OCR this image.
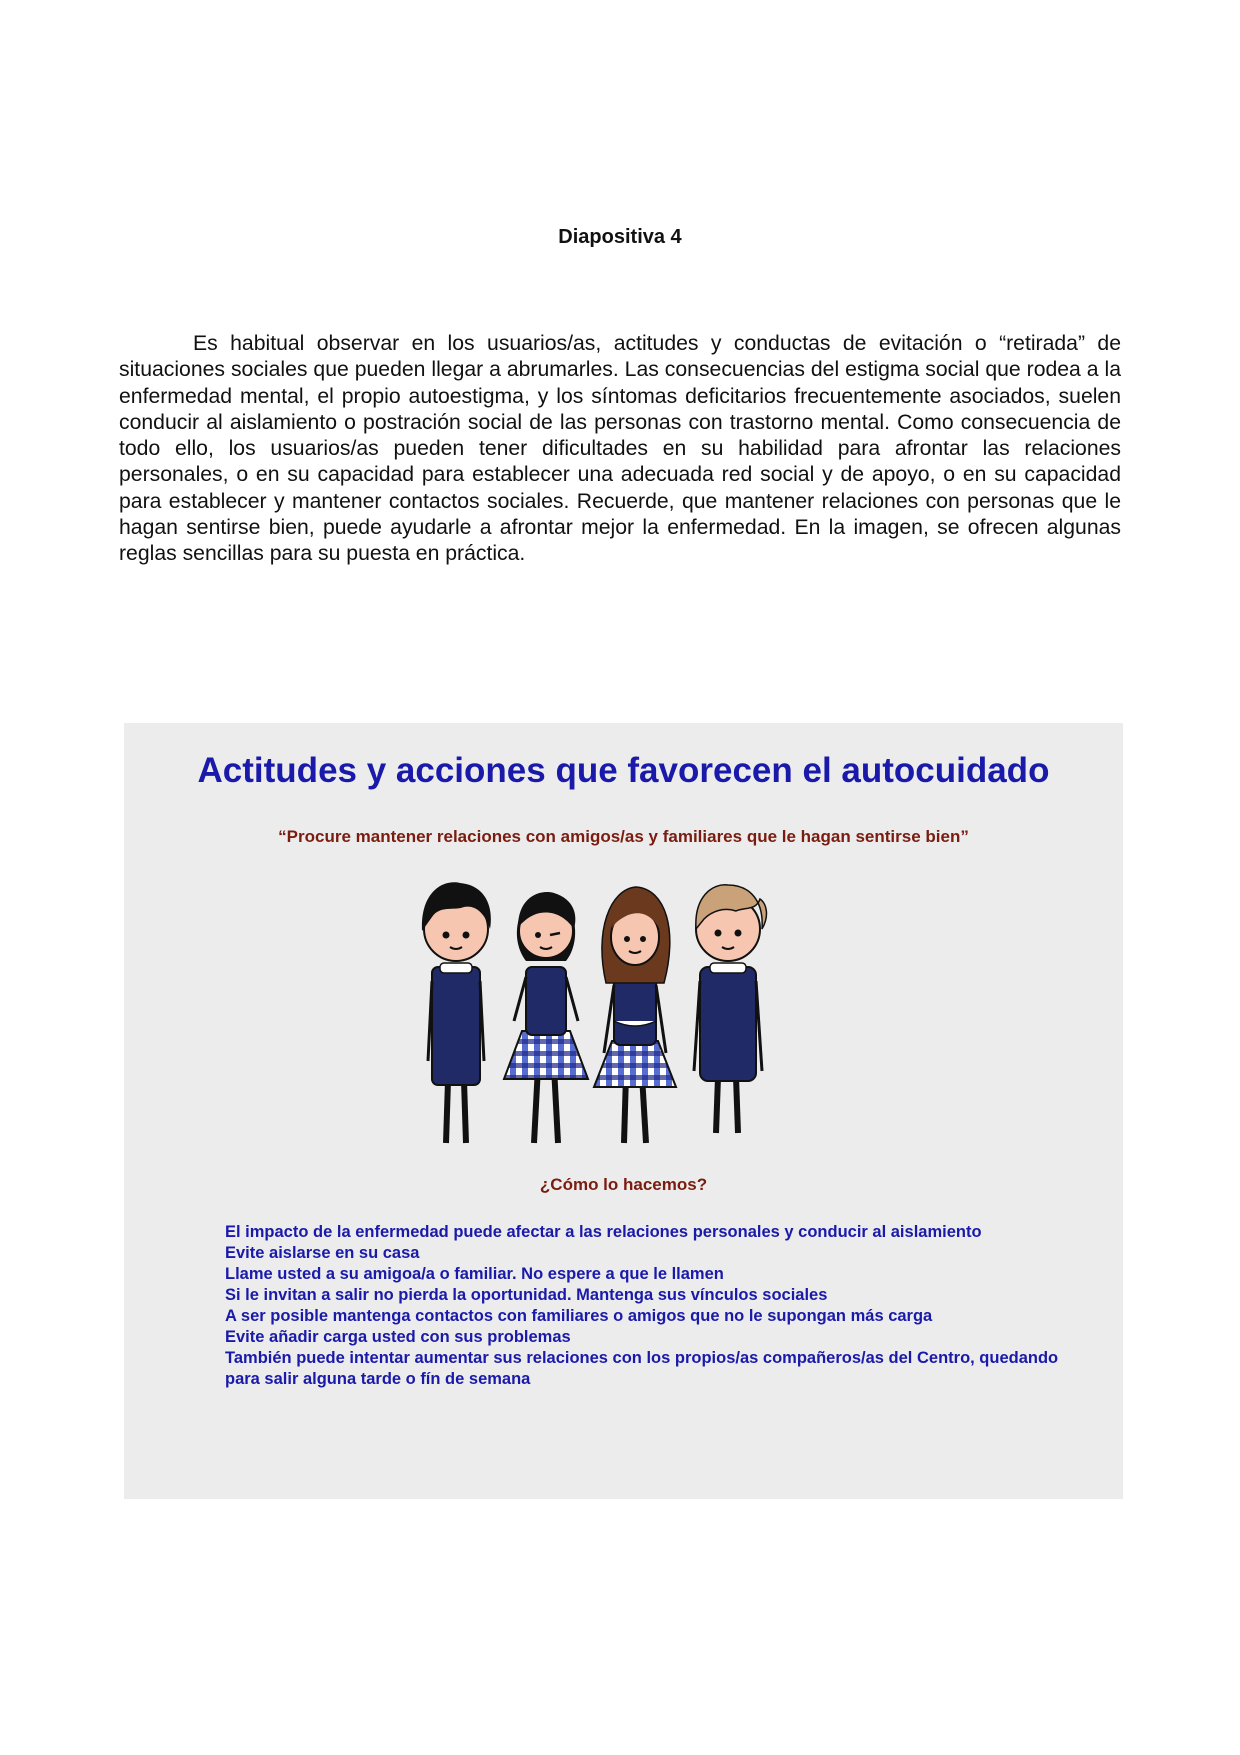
Diapositiva 4

Es habitual observar en los usuarios/as, actitudes y conductas de evitación o “retirada” de situaciones sociales que pueden llegar a abrumarles. Las consecuencias del estigma social que rodea a la enfermedad mental, el propio autoestigma, y los síntomas deficitarios frecuentemente asociados, suelen conducir al aislamiento o postración social de las personas con trastorno mental. Como consecuencia de todo ello, los usuarios/as pueden tener dificultades en su habilidad para afrontar las relaciones personales, o en su capacidad para establecer una adecuada red social y de apoyo, o en su capacidad para establecer y mantener contactos sociales. Recuerde, que mantener relaciones con personas que le hagan sentirse bien, puede ayudarle a afrontar mejor la enfermedad. En la imagen, se ofrecen algunas reglas sencillas para su puesta en práctica.

Actitudes y acciones que favorecen el autocuidado
“Procure mantener relaciones con amigos/as y familiares que le hagan sentirse bien”
¿Cómo lo hacemos?
El impacto de la enfermedad puede afectar a las relaciones personales y conducir al aislamiento
Evite aislarse en su casa
Llame usted a su amigoa/a o familiar. No espere a que le llamen
Si le invitan a salir no pierda la oportunidad. Mantenga sus vínculos sociales
A ser posible mantenga contactos con familiares o amigos que no le supongan más carga
Evite añadir carga usted con sus problemas
También puede intentar aumentar sus relaciones con los propios/as compañeros/as del Centro, quedando para salir alguna tarde o fín de semana
